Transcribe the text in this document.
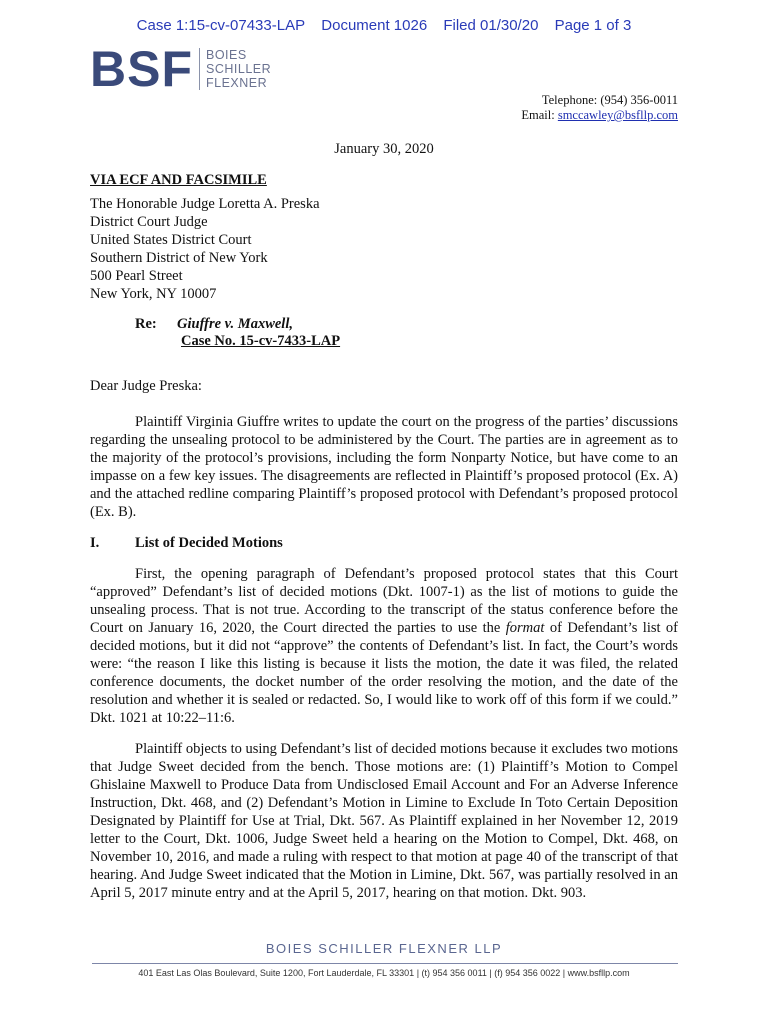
Case 1:15-cv-07433-LAP Document 1026 Filed 01/30/20 Page 1 of 3
BSF BOIES
SCHILLER
FLEXNER
Telephone: (954) 356-0011
Email: smccawley@bsfllp.com
January 30, 2020
VIA ECF AND FACSIMILE
The Honorable Judge Loretta A. Preska
District Court Judge
United States District Court
Southern District of New York
500 Pearl Street
New York, NY 10007
Re: Giuffre v. Maxwell,
Case No. 15-cv-7433-LAP
Dear Judge Preska:
Plaintiff Virginia Giuffre writes to update the court on the progress of the parties’ discussions regarding the unsealing protocol to be administered by the Court. The parties are in agreement as to the majority of the protocol’s provisions, including the form Nonparty Notice, but have come to an impasse on a few key issues. The disagreements are reflected in Plaintiff’s proposed protocol (Ex. A) and the attached redline comparing Plaintiff’s proposed protocol with Defendant’s proposed protocol (Ex. B).
I. List of Decided Motions
First, the opening paragraph of Defendant’s proposed protocol states that this Court “approved” Defendant’s list of decided motions (Dkt. 1007-1) as the list of motions to guide the unsealing process. That is not true. According to the transcript of the status conference before the Court on January 16, 2020, the Court directed the parties to use the format of Defendant’s list of decided motions, but it did not “approve” the contents of Defendant’s list. In fact, the Court’s words were: “the reason I like this listing is because it lists the motion, the date it was filed, the related conference documents, the docket number of the order resolving the motion, and the date of the resolution and whether it is sealed or redacted. So, I would like to work off of this form if we could.” Dkt. 1021 at 10:22–11:6.
Plaintiff objects to using Defendant’s list of decided motions because it excludes two motions that Judge Sweet decided from the bench. Those motions are: (1) Plaintiff’s Motion to Compel Ghislaine Maxwell to Produce Data from Undisclosed Email Account and For an Adverse Inference Instruction, Dkt. 468, and (2) Defendant’s Motion in Limine to Exclude In Toto Certain Deposition Designated by Plaintiff for Use at Trial, Dkt. 567. As Plaintiff explained in her November 12, 2019 letter to the Court, Dkt. 1006, Judge Sweet held a hearing on the Motion to Compel, Dkt. 468, on November 10, 2016, and made a ruling with respect to that motion at page 40 of the transcript of that hearing. And Judge Sweet indicated that the Motion in Limine, Dkt. 567, was partially resolved in an April 5, 2017 minute entry and at the April 5, 2017, hearing on that motion. Dkt. 903.
BOIES SCHILLER FLEXNER LLP
401 East Las Olas Boulevard, Suite 1200, Fort Lauderdale, FL 33301 | (t) 954 356 0011 | (f) 954 356 0022 | www.bsfllp.com
